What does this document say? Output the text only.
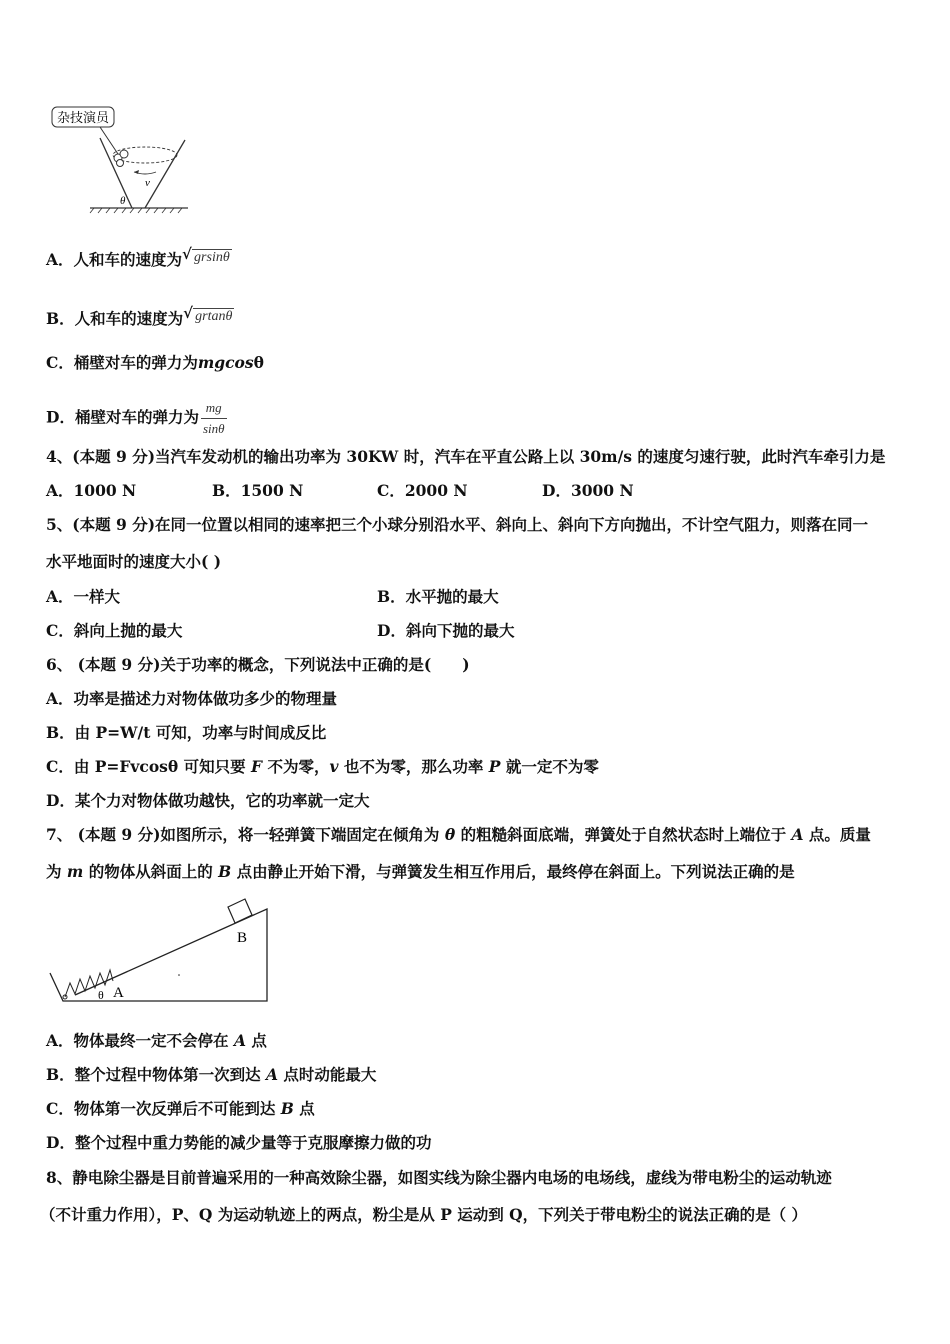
杂技演员
v
θ
A．人和车的速度为 √ grsinθ
B．人和车的速度为 √ grtanθ
C．桶壁对车的弹力为mgcosθ
D．桶壁对车的弹力为 $\frac{mg}{\sin\theta}$
4、(本题 9 分)当汽车发动机的输出功率为 30KW 时，汽车在平直公路上以 30m/s 的速度匀速行驶，此时汽车牵引力是
A．1000 N	B．1500 N	C．2000 N	D．3000 N
5、(本题 9 分)在同一位置以相同的速率把三个小球分别沿水平、斜向上、斜向下方向抛出，不计空气阻力，则落在同一
水平地面时的速度大小( )
A．一样大	B．水平抛的最大
C．斜向上抛的最大	D．斜向下抛的最大
6、 (本题 9 分)关于功率的概念，下列说法中正确的是(　　)
A．功率是描述力对物体做功多少的物理量
B．由 P=W/t 可知，功率与时间成反比
C．由 P=Fvcosθ 可知只要 F 不为零，v 也不为零，那么功率 P 就一定不为零
D．某个力对物体做功越快，它的功率就一定大
7、 (本题 9 分)如图所示，将一轻弹簧下端固定在倾角为 θ 的粗糙斜面底端，弹簧处于自然状态时上端位于 A 点。质量
为 m 的物体从斜面上的 B 点由静止开始下滑，与弹簧发生相互作用后，最终停在斜面上。下列说法正确的是
B
A
θ
A．物体最终一定不会停在 A 点
B．整个过程中物体第一次到达 A 点时动能最大
C．物体第一次反弹后不可能到达 B 点
D．整个过程中重力势能的减少量等于克服摩擦力做的功
8、静电除尘器是目前普遍采用的一种高效除尘器，如图实线为除尘器内电场的电场线，虚线为带电粉尘的运动轨迹
（不计重力作用），P、Q 为运动轨迹上的两点，粉尘是从 P 运动到 Q，下列关于带电粉尘的说法正确的是（ ）
